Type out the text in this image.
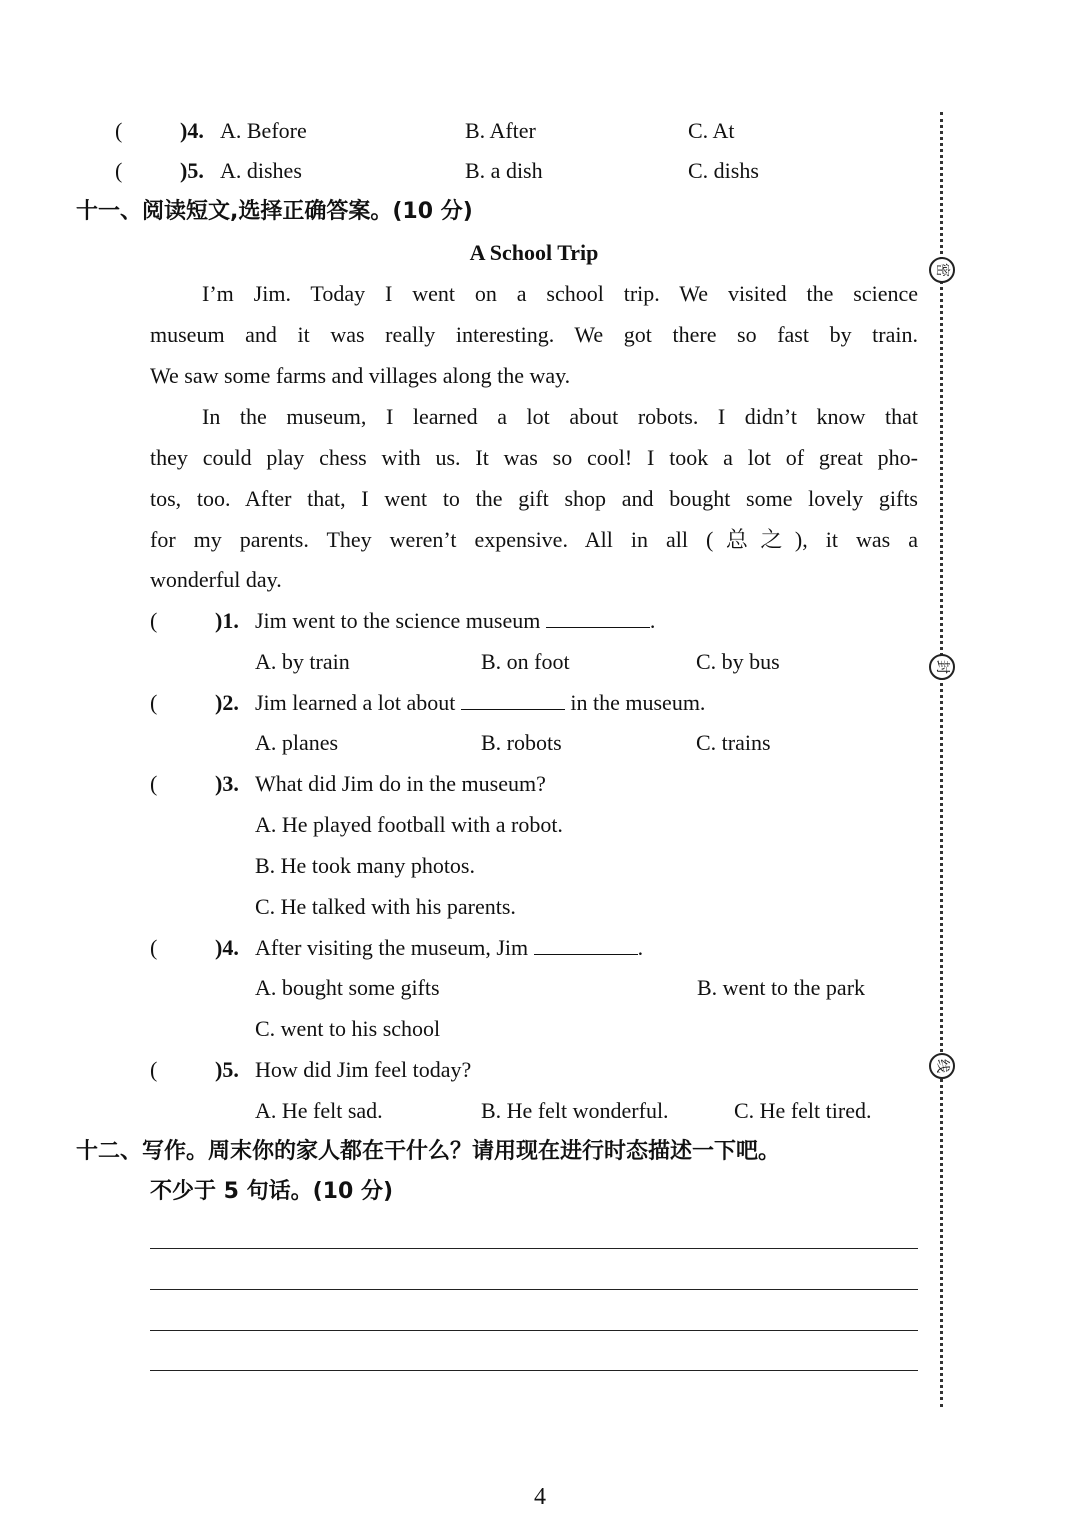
(	)4. A. Before	B. After	C. At
(	)5. A. dishes	B. a dish	C. dishs
十一、阅读短文,选择正确答案。(10 分)
A School Trip
I’m Jim. Today I went on a school trip. We visited the science
museum and it was really interesting. We got there so fast by train.
We saw some farms and villages along the way.
In the museum, I learned a lot about robots. I didn’t know that
they could play chess with us. It was so cool! I took a lot of great pho-
tos, too. After that, I went to the gift shop and bought some lovely gifts
for my parents. They weren’t expensive. All in all (总之), it was a
wonderful day.
(	)1. Jim went to the science museum	.
A. by train	B. on foot	C. by bus
(	)2. Jim learned a lot about	in the museum.
A. planes	B. robots	C. trains
(	)3. What did Jim do in the museum?
A. He played football with a robot.
B. He took many photos.
C. He talked with his parents.
(	)4. After visiting the museum, Jim	.
A. bought some gifts	B. went to the park
C. went to his school
(	)5. How did Jim feel today?
A. He felt sad.	B. He felt wonderful.	C. He felt tired.
十二、写作。周末你的家人都在干什么？请用现在进行时态描述一下吧。
不少于 5 句话。(10 分)
密
封
线
4
